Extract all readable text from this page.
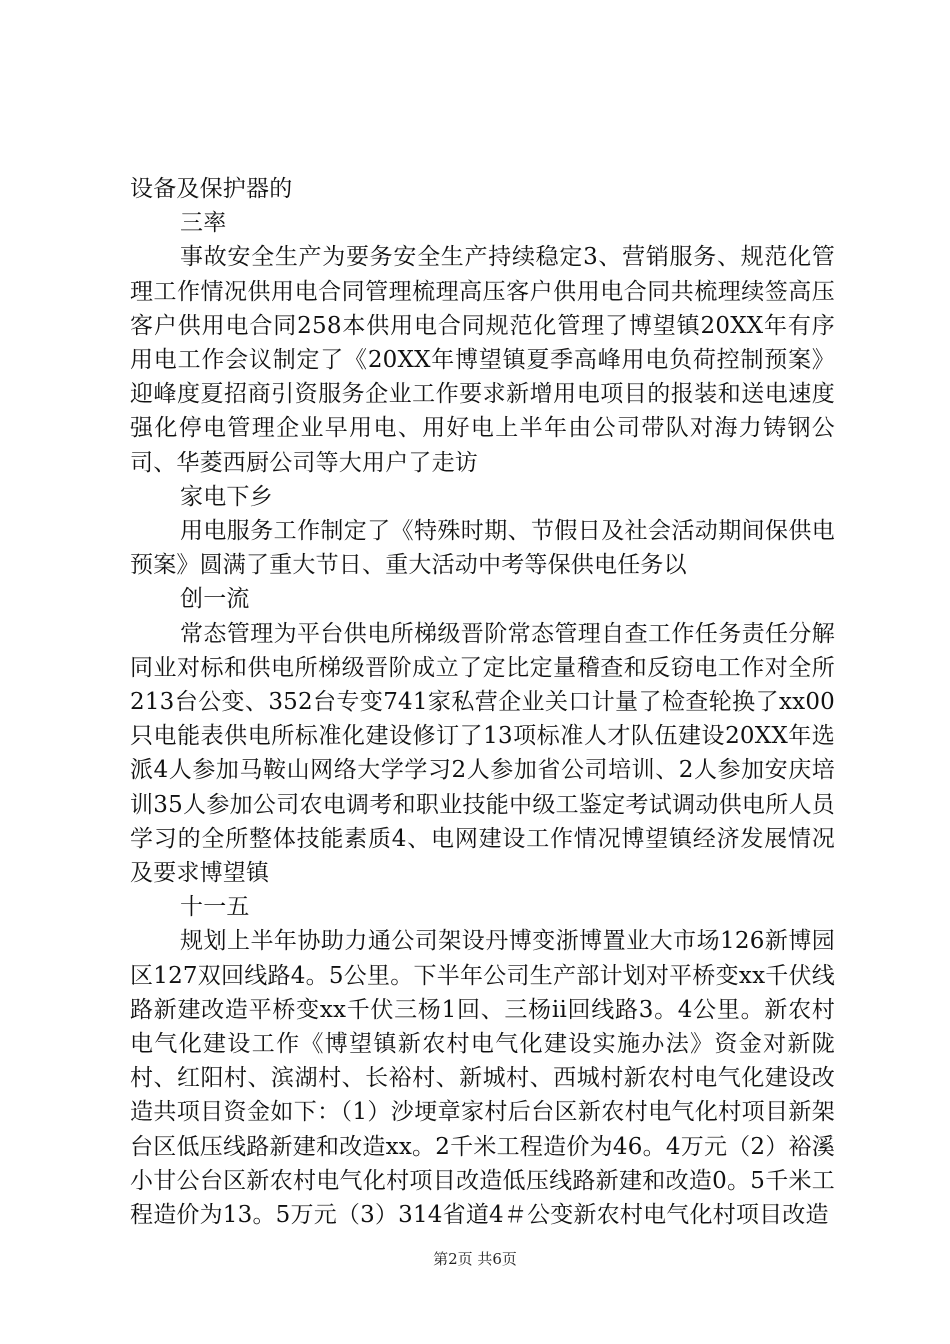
设备及保护器的

三率

事故安全生产为要务安全生产持续稳定3、营销服务、规范化管理工作情况供用电合同管理梳理高压客户供用电合同共梳理续签高压客户供用电合同258本供用电合同规范化管理了博望镇20XX年有序用电工作会议制定了《20XX年博望镇夏季高峰用电负荷控制预案》迎峰度夏招商引资服务企业工作要求新增用电项目的报装和送电速度强化停电管理企业早用电、用好电上半年由公司带队对海力铸钢公司、华菱西厨公司等大用户了走访

家电下乡

用电服务工作制定了《特殊时期、节假日及社会活动期间保供电预案》圆满了重大节日、重大活动中考等保供电任务以

创一流

常态管理为平台供电所梯级晋阶常态管理自查工作任务责任分解同业对标和供电所梯级晋阶成立了定比定量稽查和反窃电工作对全所213台公变、352台专变741家私营企业关口计量了检查轮换了xx00只电能表供电所标准化建设修订了13项标准人才队伍建设20XX年选派4人参加马鞍山网络大学学习2人参加省公司培训、2人参加安庆培训35人参加公司农电调考和职业技能中级工鉴定考试调动供电所人员学习的全所整体技能素质4、电网建设工作情况博望镇经济发展情况及要求博望镇

十一五

规划上半年协助力通公司架设丹博变浙博置业大市场126新博园区127双回线路4。5公里。下半年公司生产部计划对平桥变xx千伏线路新建改造平桥变xx千伏三杨1回、三杨ii回线路3。4公里。新农村电气化建设工作《博望镇新农村电气化建设实施办法》资金对新陇村、红阳村、滨湖村、长裕村、新城村、西城村新农村电气化建设改造共项目资金如下：（1）沙埂章家村后台区新农村电气化村项目新架台区低压线路新建和改造xx。2千米工程造价为46。4万元（2）裕溪小甘公台区新农村电气化村项目改造低压线路新建和改造0。5千米工程造价为13。5万元（3）314省道4＃公变新农村电气化村项目改造

第2页 共6页
